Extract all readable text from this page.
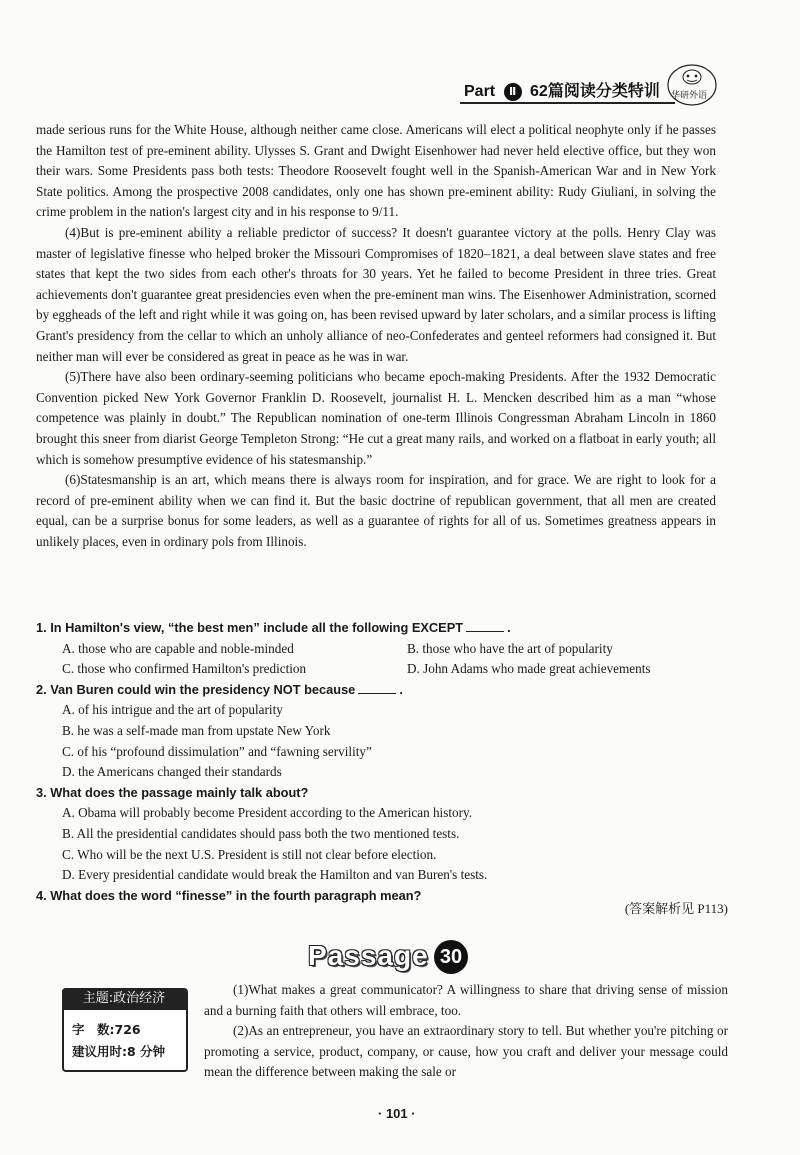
Part Ⅱ 62篇阅读分类特训 华研外语

made serious runs for the White House, although neither came close. Americans will elect a political neophyte only if he passes the Hamilton test of pre-eminent ability. Ulysses S. Grant and Dwight Eisenhower had never held elective office, but they won their wars. Some Presidents pass both tests: Theodore Roosevelt fought well in the Spanish-American War and in New York State politics. Among the prospective 2008 candidates, only one has shown pre-eminent ability: Rudy Giuliani, in solving the crime problem in the nation's largest city and in his response to 9/11.

(4)But is pre-eminent ability a reliable predictor of success? It doesn't guarantee victory at the polls. Henry Clay was master of legislative finesse who helped broker the Missouri Compromises of 1820–1821, a deal between slave states and free states that kept the two sides from each other's throats for 30 years. Yet he failed to become President in three tries. Great achievements don't guarantee great presidencies even when the pre-eminent man wins. The Eisenhower Administration, scorned by eggheads of the left and right while it was going on, has been revised upward by later scholars, and a similar process is lifting Grant's presidency from the cellar to which an unholy alliance of neo-Confederates and genteel reformers had consigned it. But neither man will ever be considered as great in peace as he was in war.

(5)There have also been ordinary-seeming politicians who became epoch-making Presidents. After the 1932 Democratic Convention picked New York Governor Franklin D. Roosevelt, journalist H. L. Mencken described him as a man “whose competence was plainly in doubt.” The Republican nomination of one-term Illinois Congressman Abraham Lincoln in 1860 brought this sneer from diarist George Templeton Strong: “He cut a great many rails, and worked on a flatboat in early youth; all which is somehow presumptive evidence of his statesmanship.”

(6)Statesmanship is an art, which means there is always room for inspiration, and for grace. We are right to look for a record of pre-eminent ability when we can find it. But the basic doctrine of republican government, that all men are created equal, can be a surprise bonus for some leaders, as well as a guarantee of rights for all of us. Sometimes greatness appears in unlikely places, even in ordinary pols from Illinois.

1. In Hamilton's view, “the best men” include all the following EXCEPT	.

A. those who are capable and noble-minded	B. those who have the art of popularity

C. those who confirmed Hamilton's prediction	D. John Adams who made great achievements

2. Van Buren could win the presidency NOT because	.

A. of his intrigue and the art of popularity

B. he was a self-made man from upstate New York

C. of his “profound dissimulation” and “fawning servility”

D. the Americans changed their standards

3. What does the passage mainly talk about?

A. Obama will probably become President according to the American history.

B. All the presidential candidates should pass both the two mentioned tests.

C. Who will be the next U.S. President is still not clear before election.

D. Every presidential candidate would break the Hamilton and van Buren's tests.

4. What does the word “finesse” in the fourth paragraph mean?

(答案解析见 P113)
Passage 30
主题:政治经济
字　数:726
建议用时:8 分钟

(1)What makes a great communicator? A willingness to share that driving sense of mission and a burning faith that others will embrace, too.

(2)As an entrepreneur, you have an extraordinary story to tell. But whether you're pitching or promoting a service, product, company, or cause, how you craft and deliver your message could mean the difference between making the sale or

· 101 ·
